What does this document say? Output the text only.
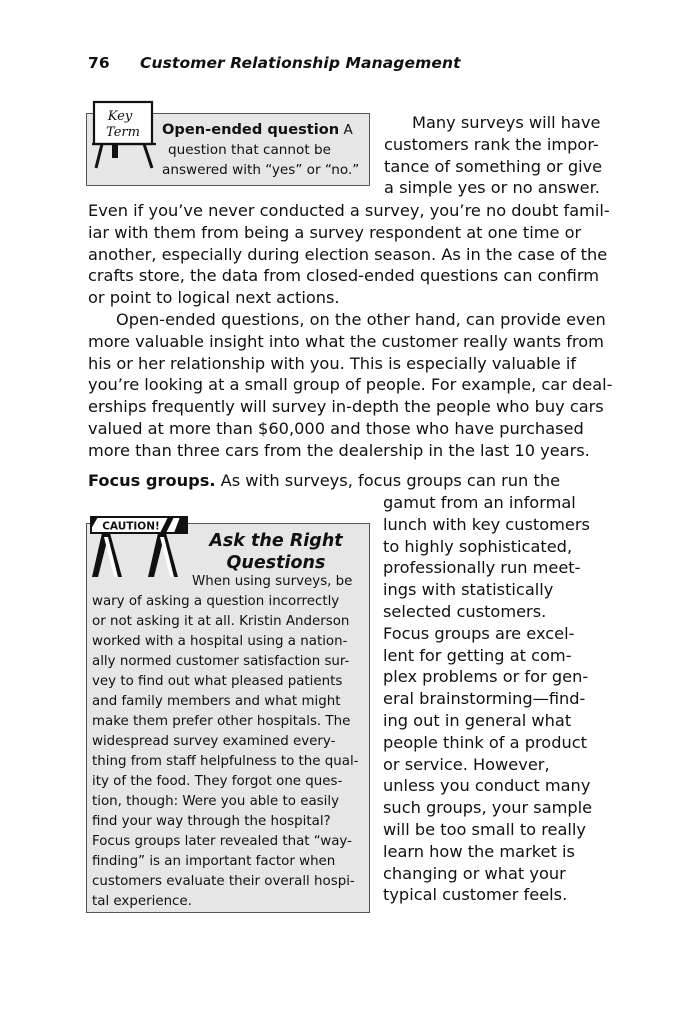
76 Customer Relationship Management
Key
Term Open-ended question A
question that cannot be
answered with “yes” or “no.”
Many surveys will have
customers rank the impor-
tance of something or give
a simple yes or no answer.
Even if you’ve never conducted a survey, you’re no doubt famil-
iar with them from being a survey respondent at one time or
another, especially during election season. As in the case of the
crafts store, the data from closed-ended questions can confirm
or point to logical next actions.
Open-ended questions, on the other hand, can provide even
more valuable insight into what the customer really wants from
his or her relationship with you. This is especially valuable if
you’re looking at a small group of people. For example, car deal-
erships frequently will survey in-depth the people who buy cars
valued at more than $60,000 and those who have purchased
more than three cars from the dealership in the last 10 years.
Focus groups. As with surveys, focus groups can run the
gamut from an informal
lunch with key customers
to highly sophisticated,
professionally run meet-
ings with statistically
selected customers.
Focus groups are excel-
lent for getting at com-
plex problems or for gen-
eral brainstorming—find-
ing out in general what
people think of a product
or service. However,
unless you conduct many
such groups, your sample
will be too small to really
learn how the market is
changing or what your
typical customer feels.
CAUTION!
Ask the Right
Questions
When using surveys, be
wary of asking a question incorrectly
or not asking it at all. Kristin Anderson
worked with a hospital using a nation-
ally normed customer satisfaction sur-
vey to find out what pleased patients
and family members and what might
make them prefer other hospitals. The
widespread survey examined every-
thing from staff helpfulness to the qual-
ity of the food. They forgot one ques-
tion, though: Were you able to easily
find your way through the hospital?
Focus groups later revealed that “way-
finding” is an important factor when
customers evaluate their overall hospi-
tal experience.
